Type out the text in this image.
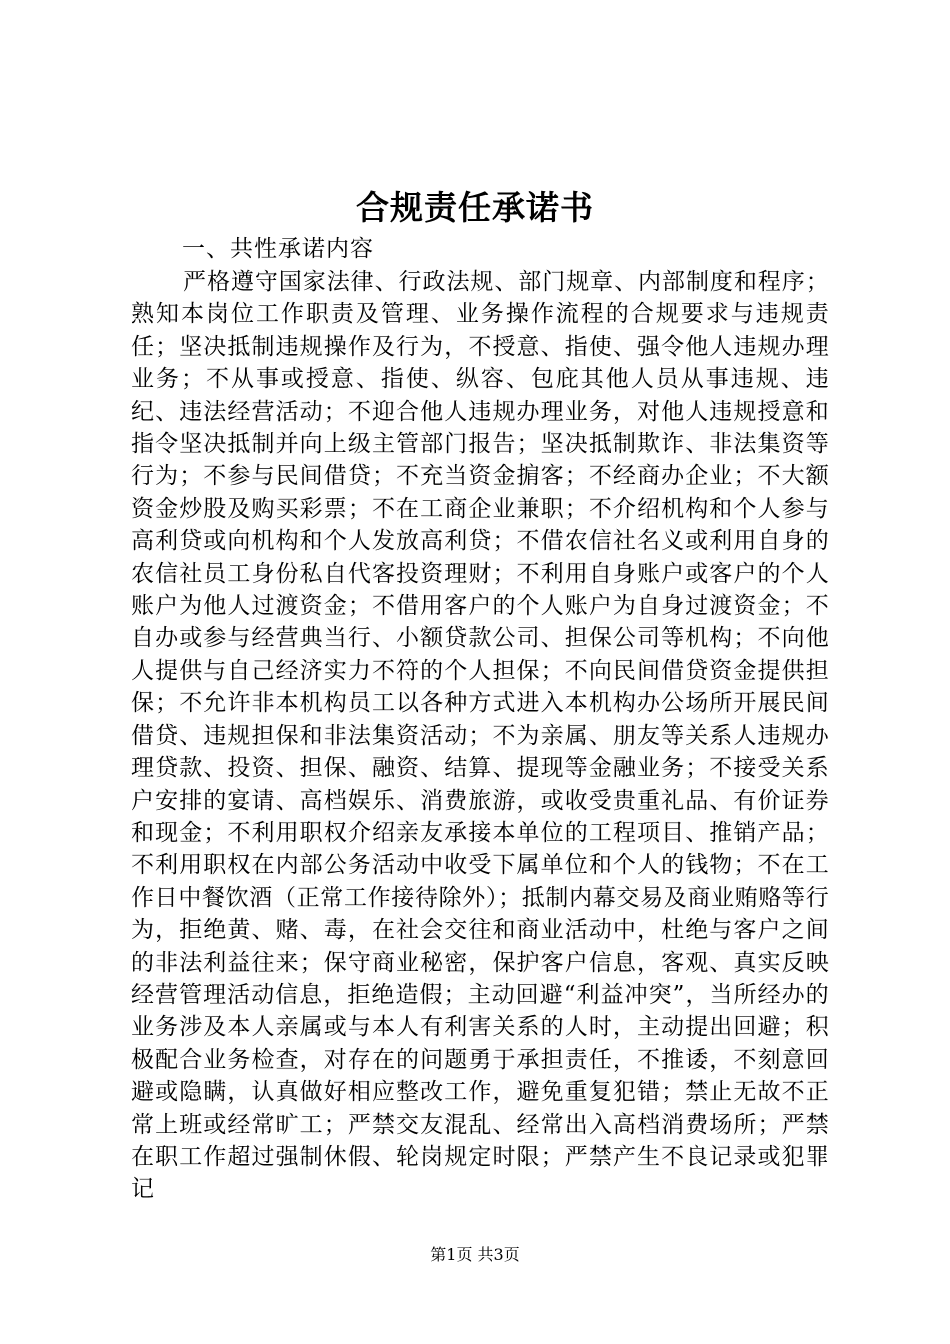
合规责任承诺书

一、共性承诺内容

严格遵守国家法律、行政法规、部门规章、内部制度和程序；熟知本岗位工作职责及管理、业务操作流程的合规要求与违规责任；坚决抵制违规操作及行为，不授意、指使、强令他人违规办理业务；不从事或授意、指使、纵容、包庇其他人员从事违规、违纪、违法经营活动；不迎合他人违规办理业务，对他人违规授意和指令坚决抵制并向上级主管部门报告；坚决抵制欺诈、非法集资等行为；不参与民间借贷；不充当资金掮客；不经商办企业；不大额资金炒股及购买彩票；不在工商企业兼职；不介绍机构和个人参与高利贷或向机构和个人发放高利贷；不借农信社名义或利用自身的农信社员工身份私自代客投资理财；不利用自身账户或客户的个人账户为他人过渡资金；不借用客户的个人账户为自身过渡资金；不自办或参与经营典当行、小额贷款公司、担保公司等机构；不向他人提供与自己经济实力不符的个人担保；不向民间借贷资金提供担保；不允许非本机构员工以各种方式进入本机构办公场所开展民间借贷、违规担保和非法集资活动；不为亲属、朋友等关系人违规办理贷款、投资、担保、融资、结算、提现等金融业务；不接受关系户安排的宴请、高档娱乐、消费旅游，或收受贵重礼品、有价证券和现金；不利用职权介绍亲友承接本单位的工程项目、推销产品；不利用职权在内部公务活动中收受下属单位和个人的钱物；不在工作日中餐饮酒（正常工作接待除外）；抵制内幕交易及商业贿赂等行为，拒绝黄、赌、毒，在社会交往和商业活动中，杜绝与客户之间的非法利益往来；保守商业秘密，保护客户信息，客观、真实反映经营管理活动信息，拒绝造假；主动回避“利益冲突”，当所经办的业务涉及本人亲属或与本人有利害关系的人时，主动提出回避；积极配合业务检查，对存在的问题勇于承担责任，不推诿，不刻意回避或隐瞒，认真做好相应整改工作，避免重复犯错；禁止无故不正常上班或经常旷工；严禁交友混乱、经常出入高档消费场所；严禁在职工作超过强制休假、轮岗规定时限；严禁产生不良记录或犯罪记

第1页 共3页
